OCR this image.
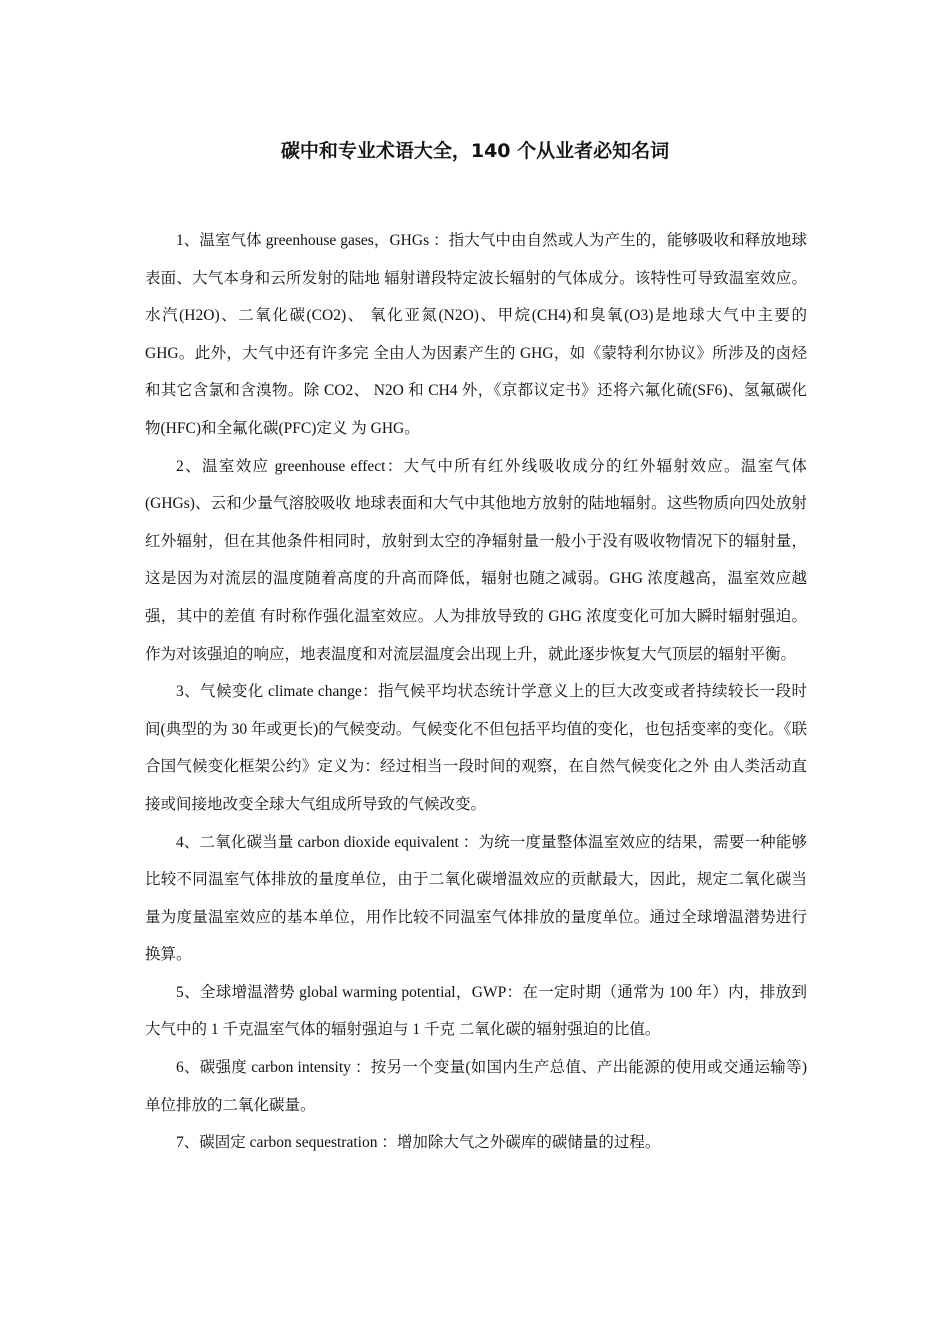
碳中和专业术语大全，140 个从业者必知名词

1、温室气体 greenhouse gases，GHGs ：指大气中由自然或人为产生的，能够吸收和释放地球表面、大气本身和云所发射的陆地 辐射谱段特定波长辐射的气体成分。该特性可导致温室效应。水汽(H2O)、二氧化碳(CO2)、 氧化亚氮(N2O)、甲烷(CH4)和臭氧(O3)是地球大气中主要的 GHG。此外，大气中还有许多完 全由人为因素产生的 GHG，如《蒙特利尔协议》所涉及的卤烃和其它含氯和含溴物。除 CO2、 N2O 和 CH4 外，《京都议定书》还将六氟化硫(SF6)、氢氟碳化物(HFC)和全氟化碳(PFC)定义 为 GHG。

2、温室效应 greenhouse effect：大气中所有红外线吸收成分的红外辐射效应。温室气体(GHGs)、云和少量气溶胶吸收 地球表面和大气中其他地方放射的陆地辐射。这些物质向四处放射红外辐射，但在其他条件相同时，放射到太空的净辐射量一般小于没有吸收物情况下的辐射量，这是因为对流层的温度随着高度的升高而降低，辐射也随之减弱。GHG 浓度越高，温室效应越强，其中的差值 有时称作强化温室效应。人为排放导致的 GHG 浓度变化可加大瞬时辐射强迫。作为对该强迫的响应，地表温度和对流层温度会出现上升，就此逐步恢复大气顶层的辐射平衡。

3、气候变化 climate change：指气候平均状态统计学意义上的巨大改变或者持续较长一段时间(典型的为 30 年或更长)的气候变动。气候变化不但包括平均值的变化，也包括变率的变化。《联合国气候变化框架公约》定义为：经过相当一段时间的观察，在自然气候变化之外 由人类活动直接或间接地改变全球大气组成所导致的气候改变。

4、二氧化碳当量 carbon dioxide equivalent ：为统一度量整体温室效应的结果，需要一种能够比较不同温室气体排放的量度单位，由于二氧化碳增温效应的贡献最大，因此，规定二氧化碳当量为度量温室效应的基本单位，用作比较不同温室气体排放的量度单位。通过全球增温潜势进行换算。

5、全球增温潜势 global warming potential，GWP：在一定时期（通常为 100 年）内，排放到大气中的 1 千克温室气体的辐射强迫与 1 千克 二氧化碳的辐射强迫的比值。

6、碳强度 carbon intensity ：按另一个变量(如国内生产总值、产出能源的使用或交通运输等)单位排放的二氧化碳量。

7、碳固定 carbon sequestration ：增加除大气之外碳库的碳储量的过程。
